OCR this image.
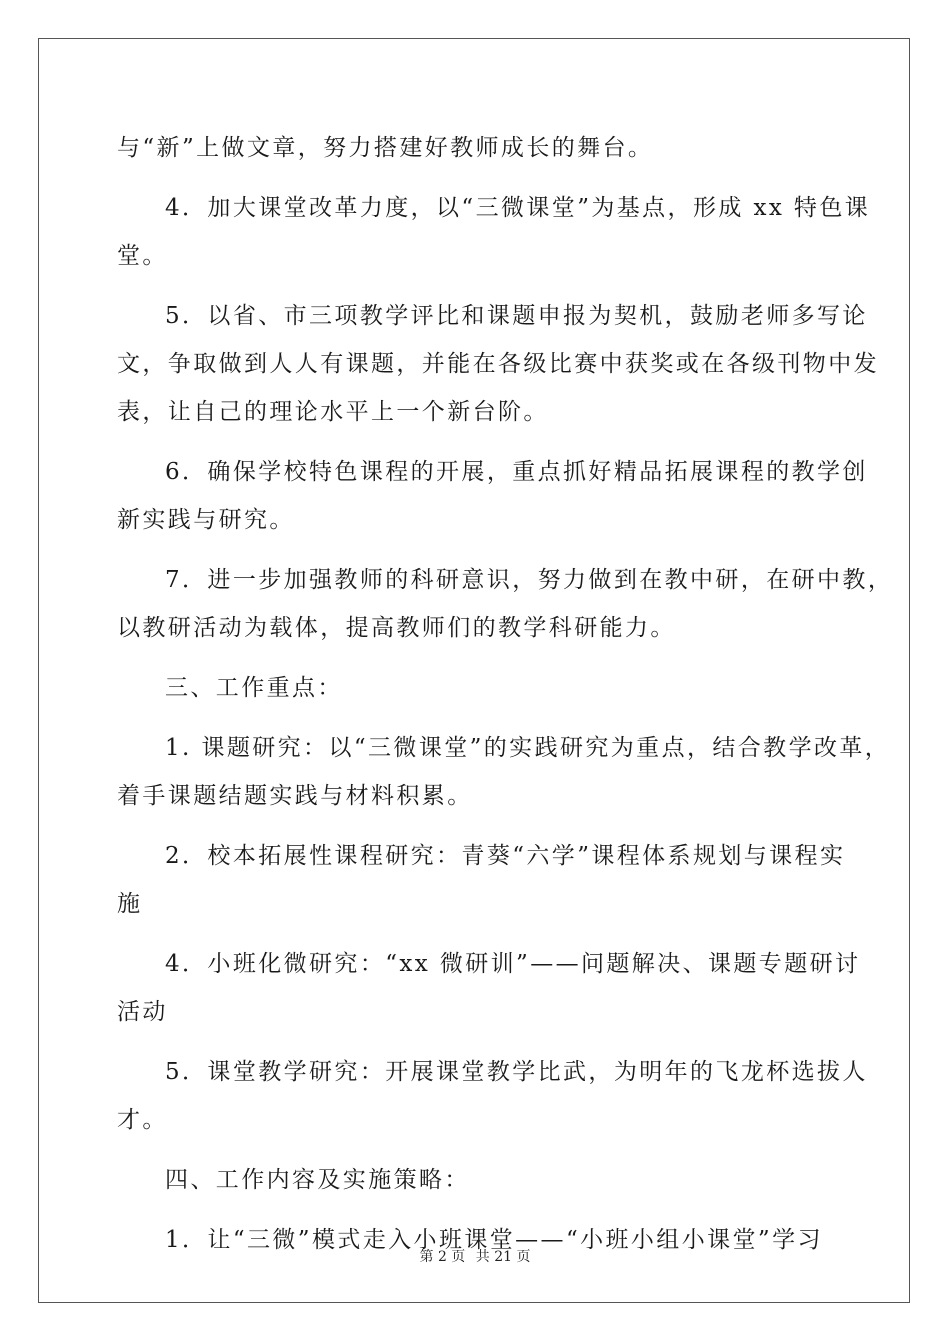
与“新”上做文章，努力搭建好教师成长的舞台。
4．加大课堂改革力度，以“三微课堂”为基点，形成 xx 特色课
堂。
5．以省、市三项教学评比和课题申报为契机，鼓励老师多写论
文，争取做到人人有课题，并能在各级比赛中获奖或在各级刊物中发
表，让自己的理论水平上一个新台阶。
6．确保学校特色课程的开展，重点抓好精品拓展课程的教学创
新实践与研究。
7．进一步加强教师的科研意识，努力做到在教中研，在研中教，
以教研活动为载体，提高教师们的教学科研能力。
三、工作重点：
1. 课题研究：以“三微课堂”的实践研究为重点，结合教学改革，
着手课题结题实践与材料积累。
2．校本拓展性课程研究：青葵“六学”课程体系规划与课程实
施
4．小班化微研究：“xx 微研训”——问题解决、课题专题研讨
活动
5．课堂教学研究：开展课堂教学比武，为明年的飞龙杯选拔人
才。
四、工作内容及实施策略：
1．让“三微”模式走入小班课堂——“小班小组小课堂”学习
第 2 页 共 21 页
